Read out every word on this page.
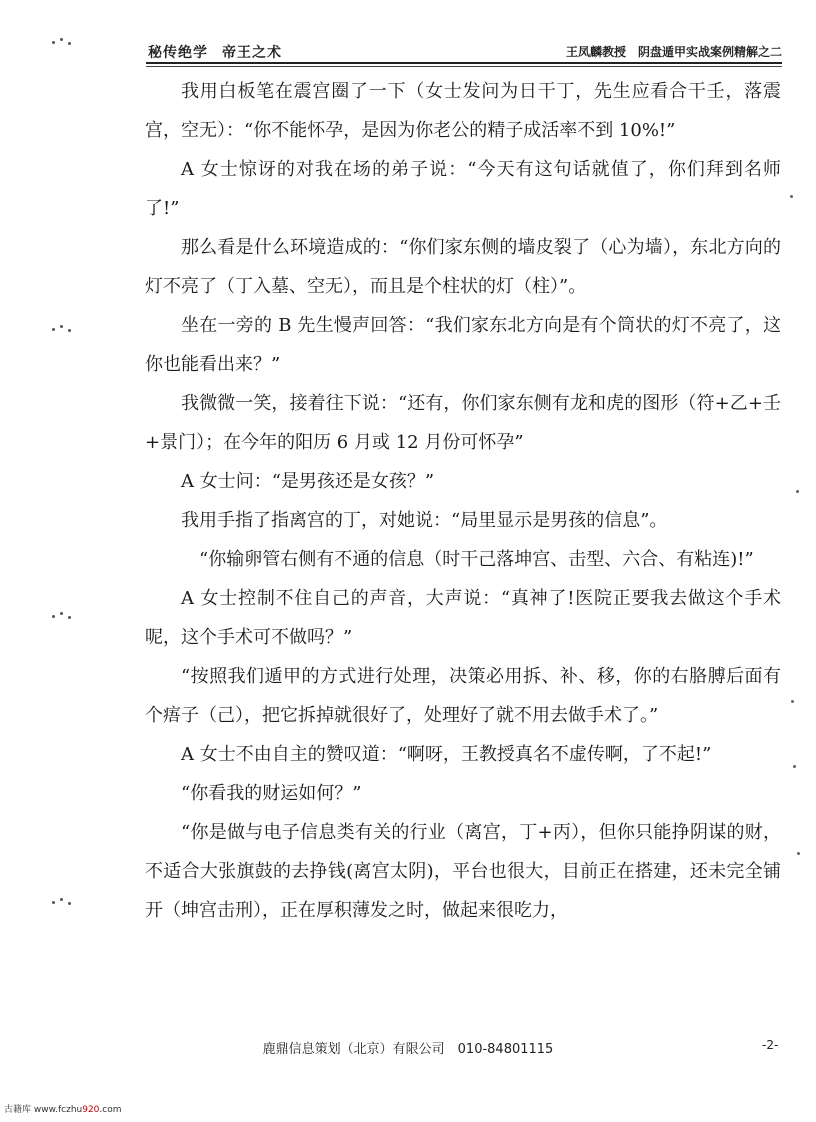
秘传绝学 帝王之术	王凤麟教授　阴盘遁甲实战案例精解之二

我用白板笔在震宫圈了一下（女士发问为日干丁，先生应看合干壬，落震宫，空无）：“你不能怀孕，是因为你老公的精子成活率不到 10%!”

A 女士惊讶的对我在场的弟子说：“今天有这句话就值了，你们拜到名师了!”

那么看是什么环境造成的：“你们家东侧的墙皮裂了（心为墙），东北方向的灯不亮了（丁入墓、空无），而且是个柱状的灯（柱）”。

坐在一旁的 B 先生慢声回答：“我们家东北方向是有个筒状的灯不亮了，这你也能看出来？”

我微微一笑，接着往下说：“还有，你们家东侧有龙和虎的图形（符+乙+壬+景门）；在今年的阳历 6 月或 12 月份可怀孕”

A 女士问：“是男孩还是女孩？”

我用手指了指离宫的丁，对她说：“局里显示是男孩的信息”。

“你输卵管右侧有不通的信息（时干己落坤宫、击型、六合、有粘连)!”

A 女士控制不住自己的声音，大声说：“真神了!医院正要我去做这个手术呢，这个手术可不做吗？”

“按照我们遁甲的方式进行处理，决策必用拆、补、移，你的右胳膊后面有个痦子（己），把它拆掉就很好了，处理好了就不用去做手术了。”

A 女士不由自主的赞叹道：“啊呀，王教授真名不虚传啊，了不起!”

“你看我的财运如何？”

“你是做与电子信息类有关的行业（离宫，丁+丙），但你只能挣阴谋的财，不适合大张旗鼓的去挣钱(离宫太阴)，平台也很大，目前正在搭建，还未完全铺开（坤宫击刑），正在厚积薄发之时，做起来很吃力，

鹿鼎信息策划（北京）有限公司　010-84801115	-2-
古籍库 www.fczhu920.com
